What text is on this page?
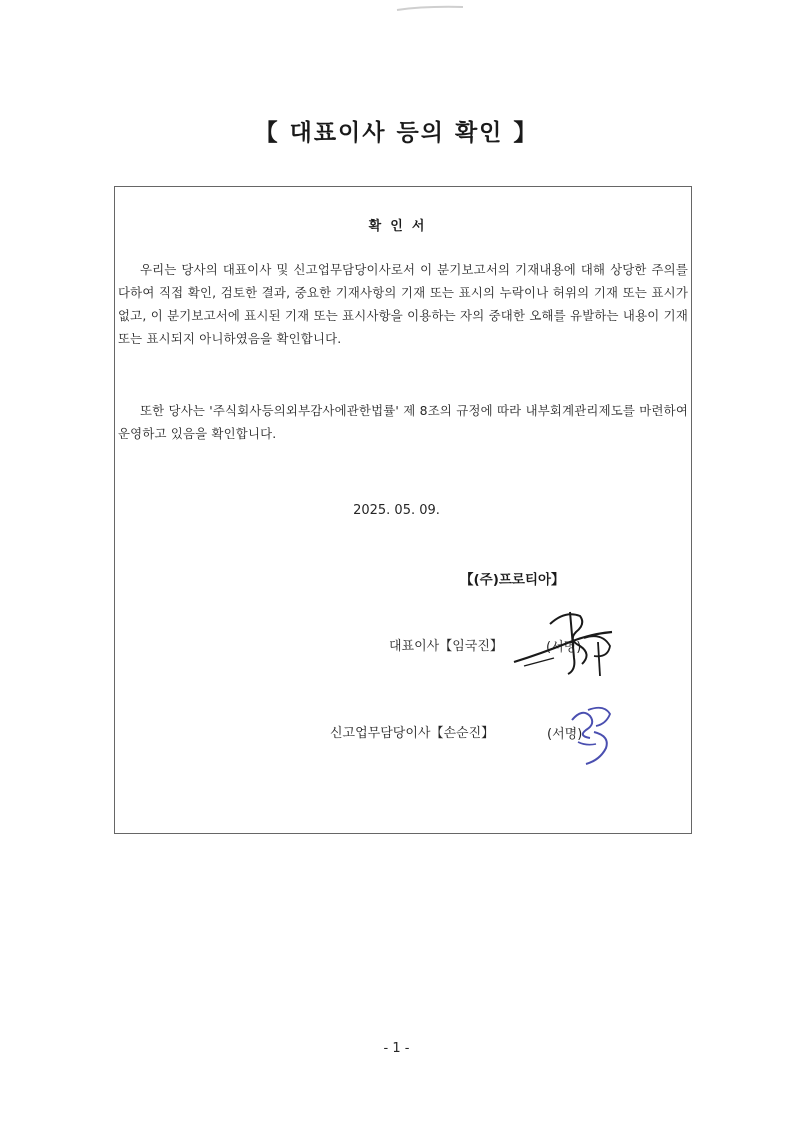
【 대표이사 등의 확인 】
확  인  서
우리는 당사의 대표이사 및 신고업무담당이사로서 이 분기보고서의 기재내용에 대해 상당한 주의를 다하여 직접 확인, 검토한 결과, 중요한 기재사항의 기재 또는 표시의 누락이나 허위의 기재 또는 표시가 없고, 이 분기보고서에 표시된 기재 또는 표시사항을 이용하는 자의 중대한 오해를 유발하는 내용이 기재 또는 표시되지 아니하였음을 확인합니다.
또한 당사는 '주식회사등의외부감사에관한법률' 제 8조의 규정에 따라 내부회계관리제도를 마련하여 운영하고 있음을 확인합니다.
2025. 05. 09.
【(주)프로티아】
대표이사【임국진】	(서명)
신고업무담당이사【손순진】	(서명)
- 1 -
